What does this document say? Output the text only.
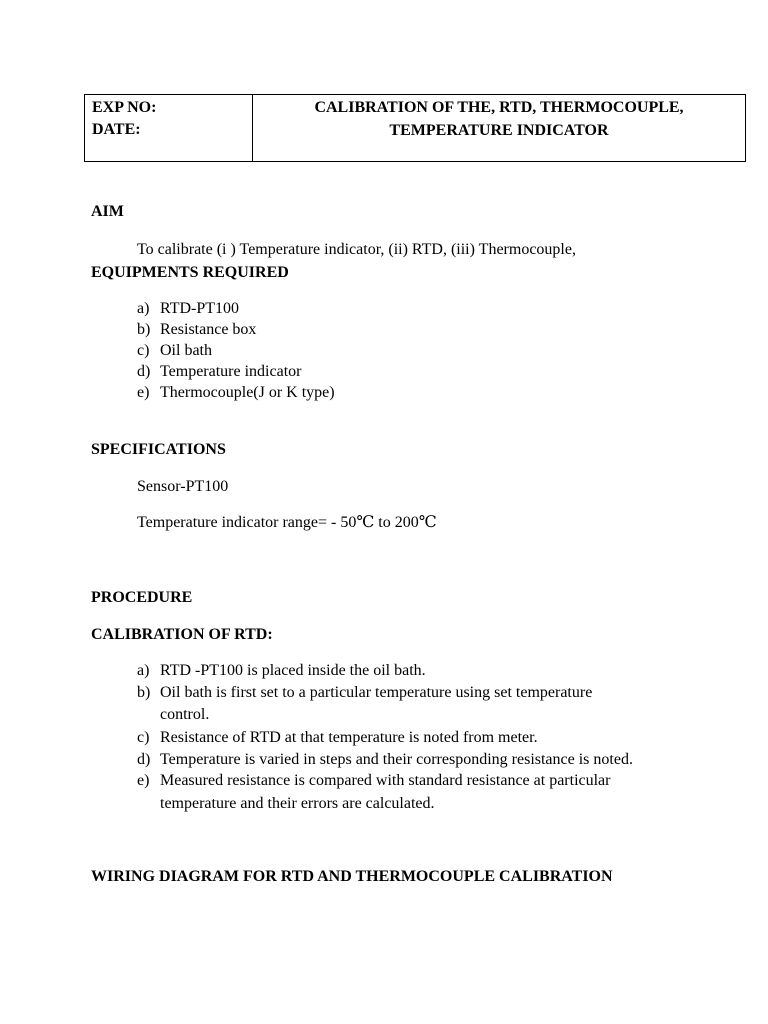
EXP NO:
DATE:
CALIBRATION OF THE, RTD, THERMOCOUPLE,
TEMPERATURE INDICATOR
AIM
To calibrate (i ) Temperature indicator, (ii) RTD, (iii) Thermocouple,
EQUIPMENTS REQUIRED
a) RTD-PT100
b) Resistance box
c) Oil bath
d) Temperature indicator
e) Thermocouple(J or K type)
SPECIFICATIONS
Sensor-PT100
Temperature indicator range= - 50℃ to 200℃
PROCEDURE
CALIBRATION OF RTD:
a) RTD -PT100 is placed inside the oil bath.
b) Oil bath is first set to a particular temperature using set temperature
control.
c) Resistance of RTD at that temperature is noted from meter.
d) Temperature is varied in steps and their corresponding resistance is noted.
e) Measured resistance is compared with standard resistance at particular
temperature and their errors are calculated.
WIRING DIAGRAM FOR RTD AND THERMOCOUPLE CALIBRATION
